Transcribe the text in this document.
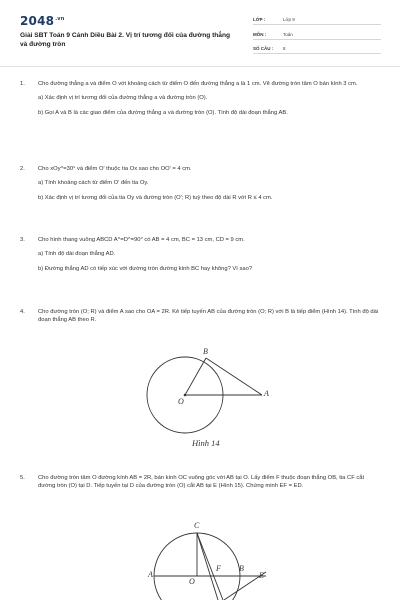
$2048^{.vn}$
Giải SBT Toán 9 Cánh Diều Bài 2. Vị trí tương đối của đường thẳng và đường tròn
LỚP :	Lớp 9
MÔN :	Toán
SỐ CÂU : 8
1. Cho đường thẳng a và điểm O với khoảng cách từ điểm O đến đường thẳng a là 1 cm. Vẽ đường tròn tâm O bán kính 3 cm.
a) Xác định vị trí tương đối của đường thẳng a và đường tròn (O).
b) Gọi A và B là các giao điểm của đường thẳng a và đường tròn (O). Tính độ dài đoạn thẳng AB.
2. Cho xOy^=30° và điểm O' thuộc tia Ox sao cho OO' = 4 cm.
a) Tính khoảng cách từ điểm O' đến tia Oy.
b) Xác định vị trí tương đối của tia Oy và đường tròn (O'; R) tuỳ theo độ dài R với R ≤ 4 cm.
3. Cho hình thang vuông ABCD A^=D^=90° có AB = 4 cm, BC = 13 cm, CD = 9 cm.
a) Tính độ dài đoạn thẳng AD.
b) Đường thẳng AD có tiếp xúc với đường tròn đường kính BC hay không? Vì sao?
4. Cho đường tròn (O; R) và điểm A sao cho OA = 2R. Kẻ tiếp tuyến AB của đường tròn (O; R) với B là tiếp điểm (Hình 14). Tính độ dài đoạn thẳng AB theo R.
B
O
A
Hình 14
5. Cho đường tròn tâm O đường kính AB = 2R, bán kính OC vuông góc với AB tại O. Lấy điểm F thuộc đoạn thẳng OB, tia CF cắt đường tròn (O) tại D. Tiếp tuyến tại D của đường tròn (O) cắt AB tại E (Hình 15). Chứng minh EF = ED.
C
A
O
F B
E
